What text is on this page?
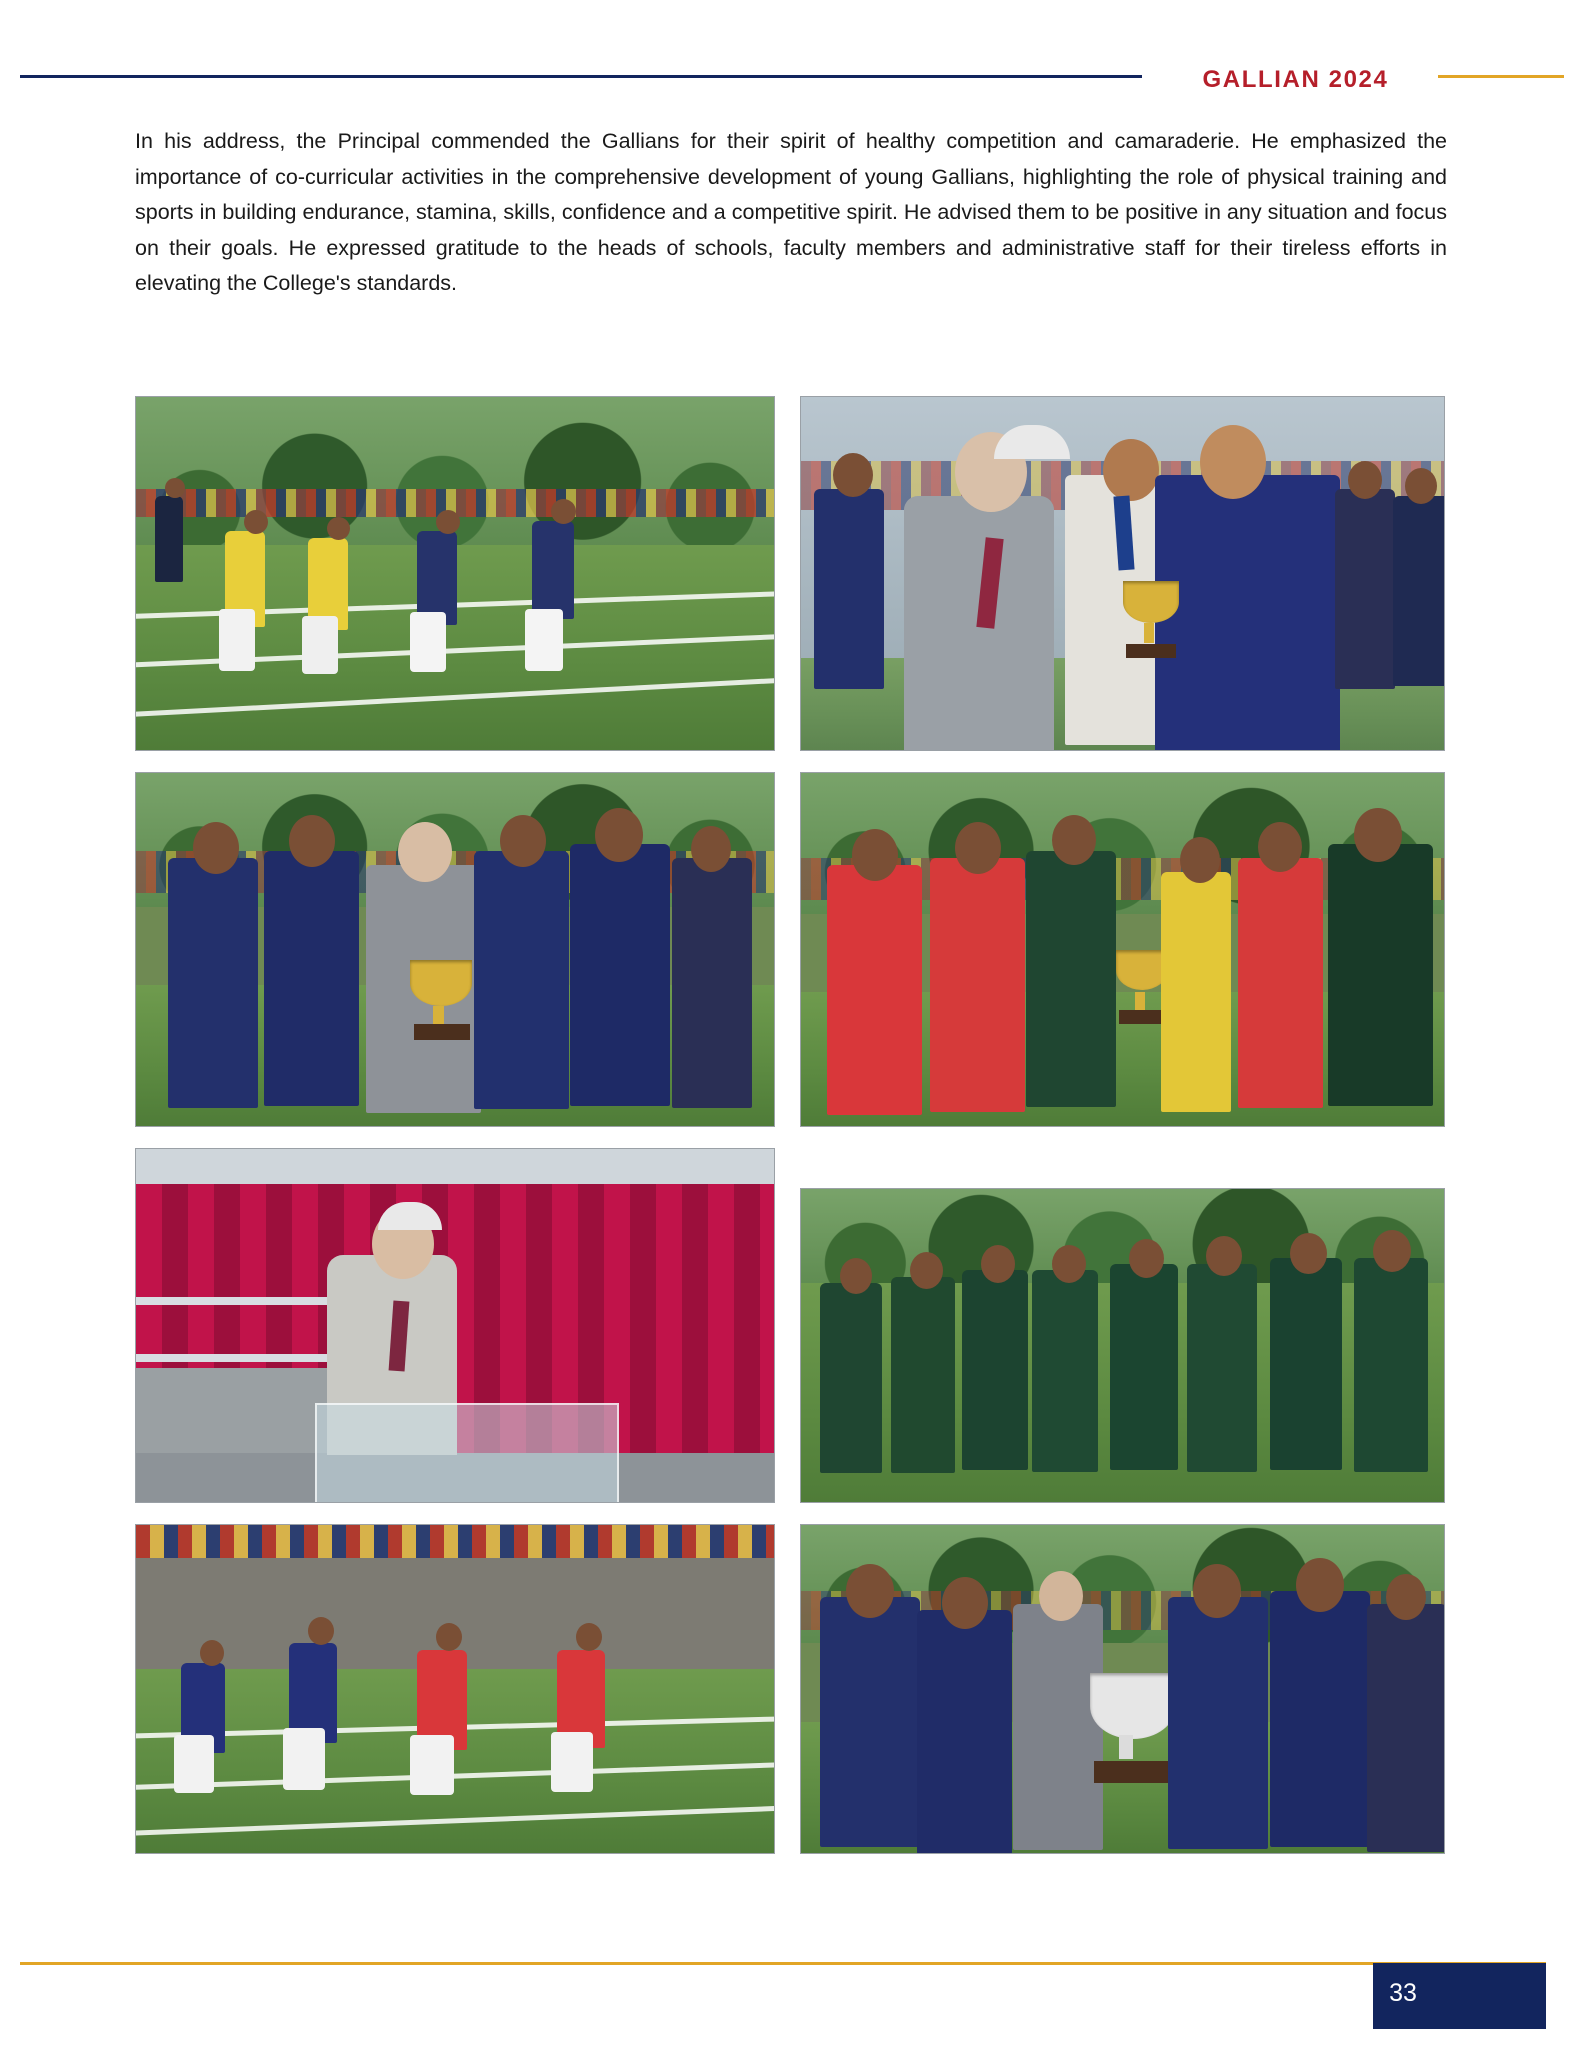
GALLIAN 2024

In his address, the Principal commended the Gallians for their spirit of healthy competition and camaraderie. He emphasized the importance of co-curricular activities in the comprehensive development of young Gallians, highlighting the role of physical training and sports in building endurance, stamina, skills, confidence and a competitive spirit. He advised them to be positive in any situation and focus on their goals. He expressed gratitude to the heads of schools, faculty members and administrative staff for their tireless efforts in elevating the College's standards.

33
